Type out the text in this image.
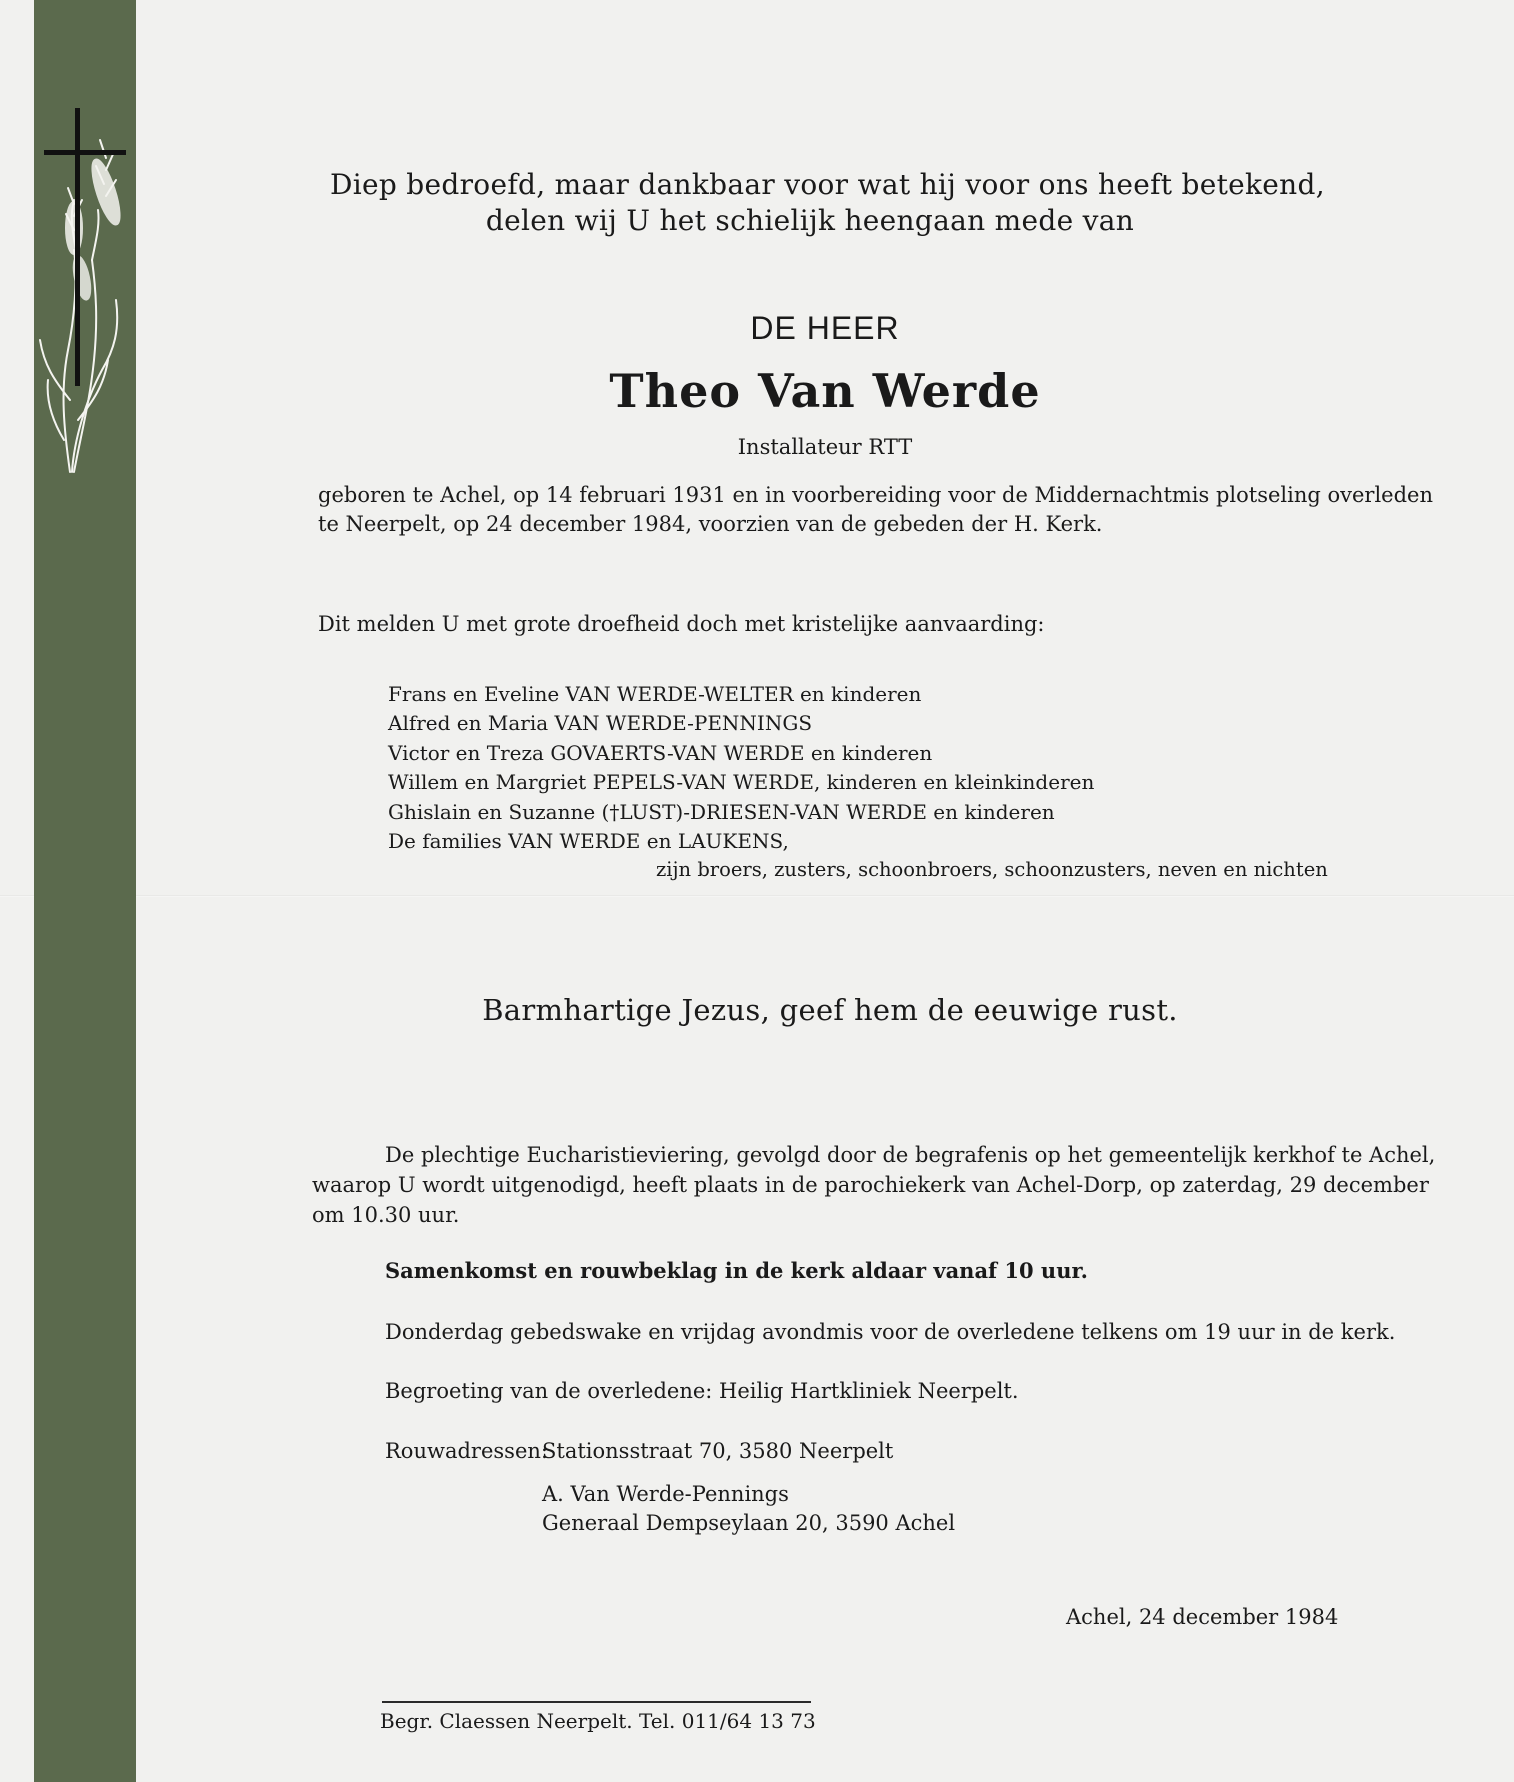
Diep bedroefd, maar dankbaar voor wat hij voor ons heeft betekend,

delen wij U het schielijk heengaan mede van

DE HEER

Theo Van Werde

Installateur RTT

geboren te Achel, op 14 februari 1931 en in voorbereiding voor de Middernachtmis plotseling overleden

te Neerpelt, op 24 december 1984, voorzien van de gebeden der H. Kerk.

Dit melden U met grote droefheid doch met kristelijke aanvaarding:

Frans en Eveline VAN WERDE-WELTER en kinderen
Alfred en Maria VAN WERDE-PENNINGS
Victor en Treza GOVAERTS-VAN WERDE en kinderen
Willem en Margriet PEPELS-VAN WERDE, kinderen en kleinkinderen
Ghislain en Suzanne (†LUST)-DRIESEN-VAN WERDE en kinderen
De families VAN WERDE en LAUKENS,

zijn broers, zusters, schoonbroers, schoonzusters, neven en nichten

Barmhartige Jezus, geef hem de eeuwige rust.

De plechtige Eucharistieviering, gevolgd door de begrafenis op het gemeentelijk kerkhof te Achel,

waarop U wordt uitgenodigd, heeft plaats in de parochiekerk van Achel-Dorp, op zaterdag, 29 december

om 10.30 uur.

Samenkomst en rouwbeklag in de kerk aldaar vanaf 10 uur.

Donderdag gebedswake en vrijdag avondmis voor de overledene telkens om 19 uur in de kerk.

Begroeting van de overledene: Heilig Hartkliniek Neerpelt.

Rouwadressen:

Stationsstraat 70, 3580 Neerpelt

A. Van Werde-Pennings

Generaal Dempseylaan 20, 3590 Achel

Achel, 24 december 1984

Begr. Claessen Neerpelt. Tel. 011/64 13 73
